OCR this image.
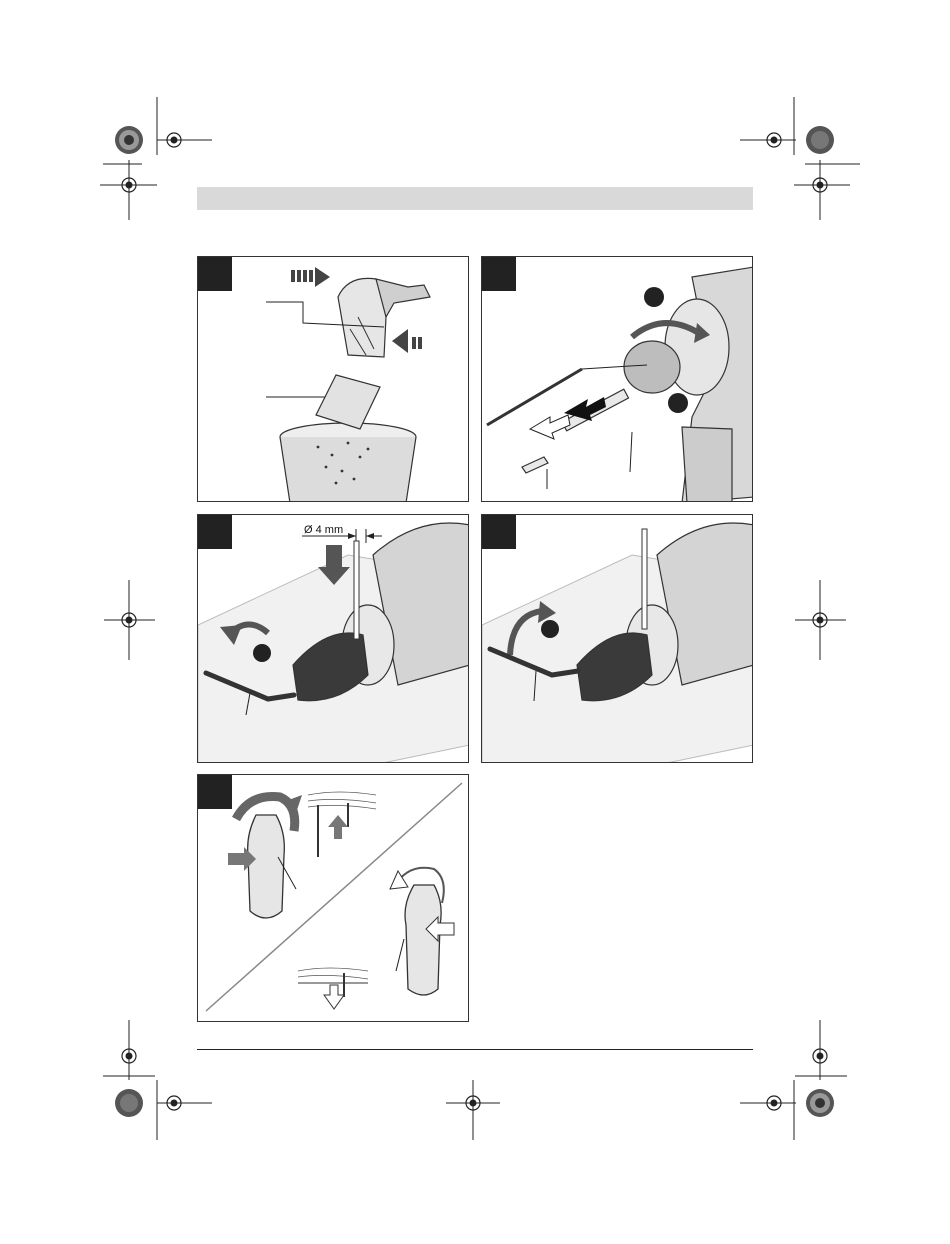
Ø 4 mm
